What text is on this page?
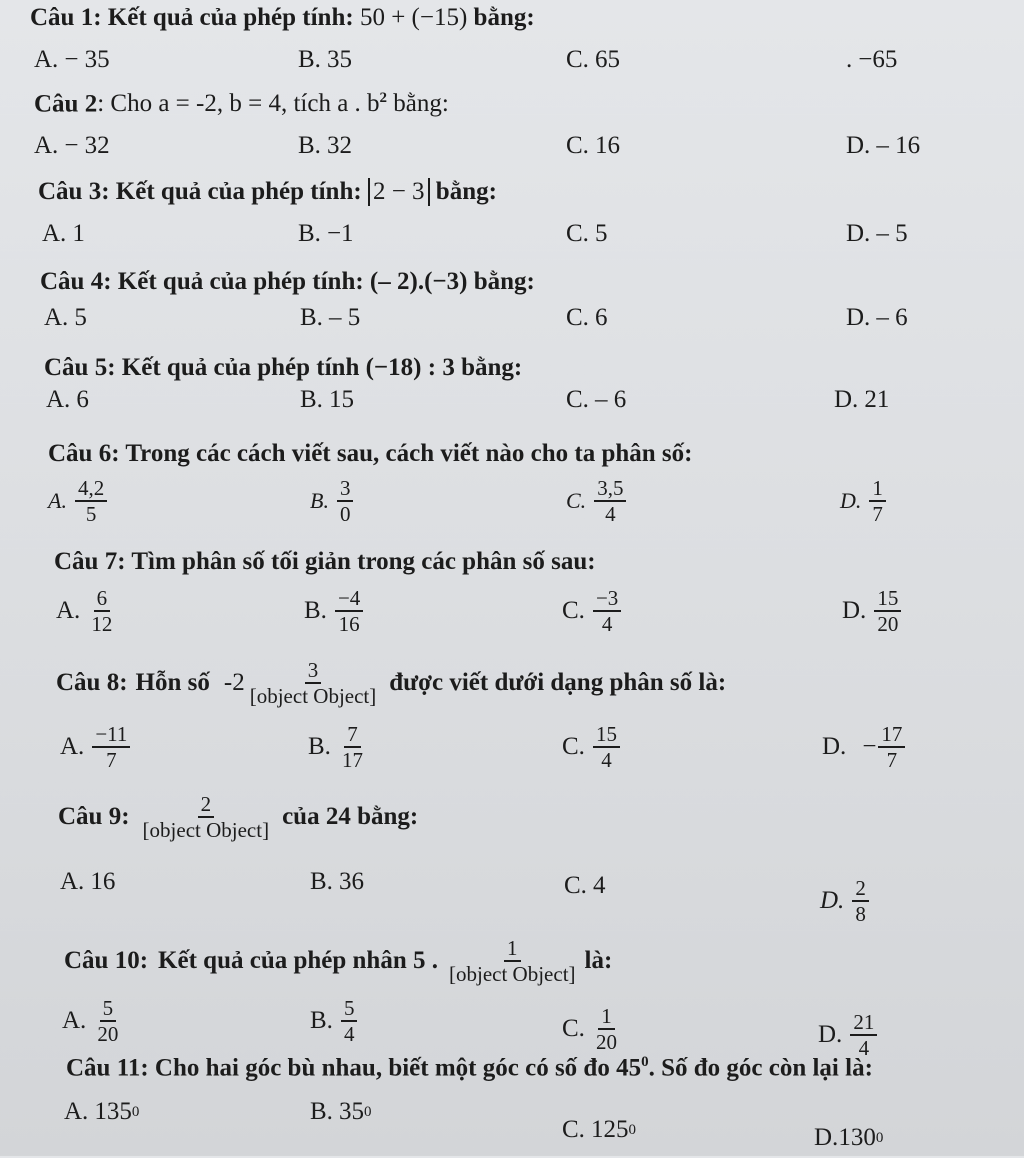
Câu 1: Kết quả của phép tính: 50 + (−15) bằng:
A. − 35	B. 35	C. 65	. −65
Câu 2: Cho a = -2, b = 4, tích a . $b^2$ bằng:
A. − 32	B. 32	C. 16	D. – 16
Câu 3: Kết quả của phép tính: 2 − 3 bằng:
A. 1	B. −1	C. 5	D. – 5
Câu 4: Kết quả của phép tính: (– 2).(−3) bằng:
A. 5	B. – 5	C. 6	D. – 6
Câu 5: Kết quả của phép tính (−18) : 3 bằng:
A. 6	B. 15	C. – 6	D. 21
Câu 6: Trong các cách viết sau, cách viết nào cho ta phân số:
A. $\frac{4,2}{5}$	B. $\frac{3}{0}$	C. $\frac{3,5}{4}$	D. $\frac{1}{7}$
Câu 7: Tìm phân số tối giản trong các phân số sau:
A. $\frac{6}{12}$	B. $\frac{-4}{16}$	C. $\frac{-3}{4}$	D. $\frac{15}{20}$
Câu 8: Hỗn số $-2 \frac{3}{\text{[object Object]}}$ được viết dưới dạng phân số là:
A. $\frac{-11}{7}$	B. $\frac{7}{17}$	C. $\frac{15}{4}$	D. − $\frac{17}{7}$
Câu 9: $\frac{2}{\text{[object Object]}}$ của 24 bằng:
A. 16	B. 36	C. 4
D. $\frac{2}{8}$
Câu 10: Kết quả của phép nhân 5 . $\frac{1}{\text{[object Object]}}$ là:
A. $\frac{5}{20}$	B. $\frac{5}{4}$	C. $\frac{1}{20}$	D. $\frac{21}{4}$
Câu 11: Cho hai góc bù nhau, biết một góc có số đo $45^0$. Số đo góc còn lại là:
A. 135 0	B. 35 0
C. 125 0	D. 130 0
